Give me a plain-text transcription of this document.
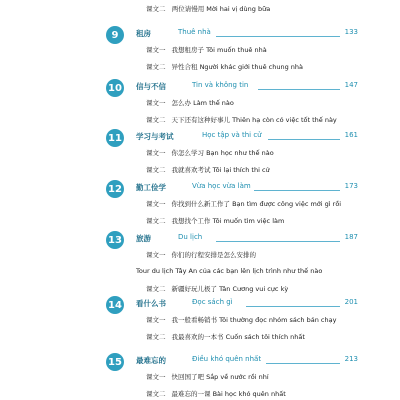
课文二 两位请慢用 Mời hai vị dùng bữa
9	租房	Thuê nhà	133
课文一 我想租房子 Tôi muốn thuê nhà
课文二 异性合租 Người khác giới thuê chung nhà
10 信与不信	Tin và không tin	147
课文一 怎么办 Làm thế nào
课文二 天下还有这种好事儿 Thiên hạ còn có việc tốt thế này
11 学习与考试	Học tập và thi cử	161
课文一 你怎么学习 Bạn học như thế nào
课文二 我就喜欢考试 Tôi lại thích thi cử
12 勤工俭学	Vừa học vừa làm	173
课文一 你找到什么新工作了 Bạn tìm được công việc mới gì rồi
课文二 我想找个工作 Tôi muốn tìm việc làm
13 旅游	Du lịch	187
课文一 你们的行程安排是怎么安排的
Tour du lịch Tây An của các bạn lên lịch trình như thế nào
课文二 新疆好玩儿极了 Tân Cương vui cực kỳ
14 看什么书	Đọc sách gì	201
课文一 我一般看畅销书 Tôi thường đọc nhóm sách bán chạy
课文二 我最喜欢的一本书 Cuốn sách tôi thích nhất
15 最难忘的	Điều khó quên nhất	213
课文一 快回国了吧 Sắp về nước rồi nhỉ
课文二 最难忘的一课 Bài học khó quên nhất
